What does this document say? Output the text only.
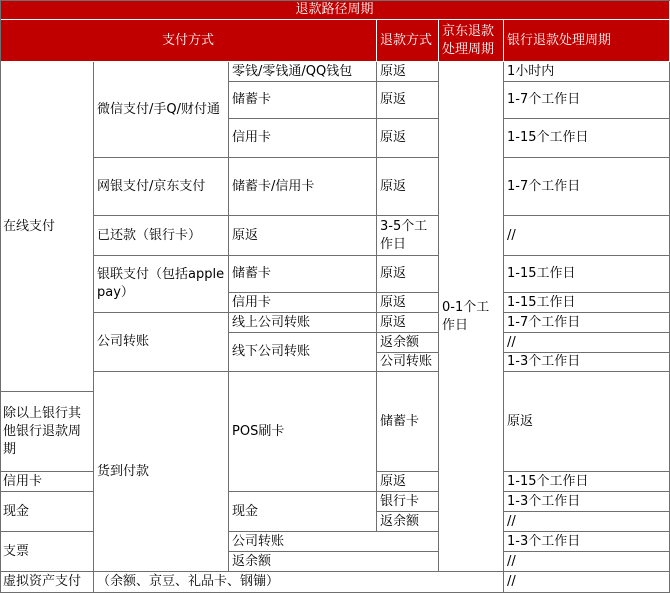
退款路径周期
支付方式	退款方式
京东退款处理周期
银行退款处理周期
在线支付
除以上银行其他银行退款周期
信用卡
现金
支票
虚拟资产支付	（余额、京豆、礼品卡、钢镚）
微信支付/手Q/财付通
网银支付/京东支付
已还款（银行卡）
银联支付（包括applepay）
公司转账
货到付款
零钱/零钱通/QQ钱包
储蓄卡
信用卡
储蓄卡/信用卡
原返
储蓄卡
信用卡
线上公司转账
线下公司转账
POS刷卡
现金
公司转账
返余额
原返
原返
原返
原返
3-5个工作日
原返
原返
原返
返余额
公司转账
储蓄卡
原返
银行卡
返余额
0-1个工作日
1小时内
1-7个工作日
1-15个工作日
1-7个工作日
//
1-15工作日
1-15工作日
1-7个工作日
//
1-3个工作日
原返
1-15个工作日
1-3个工作日
//
1-3个工作日
//
//
